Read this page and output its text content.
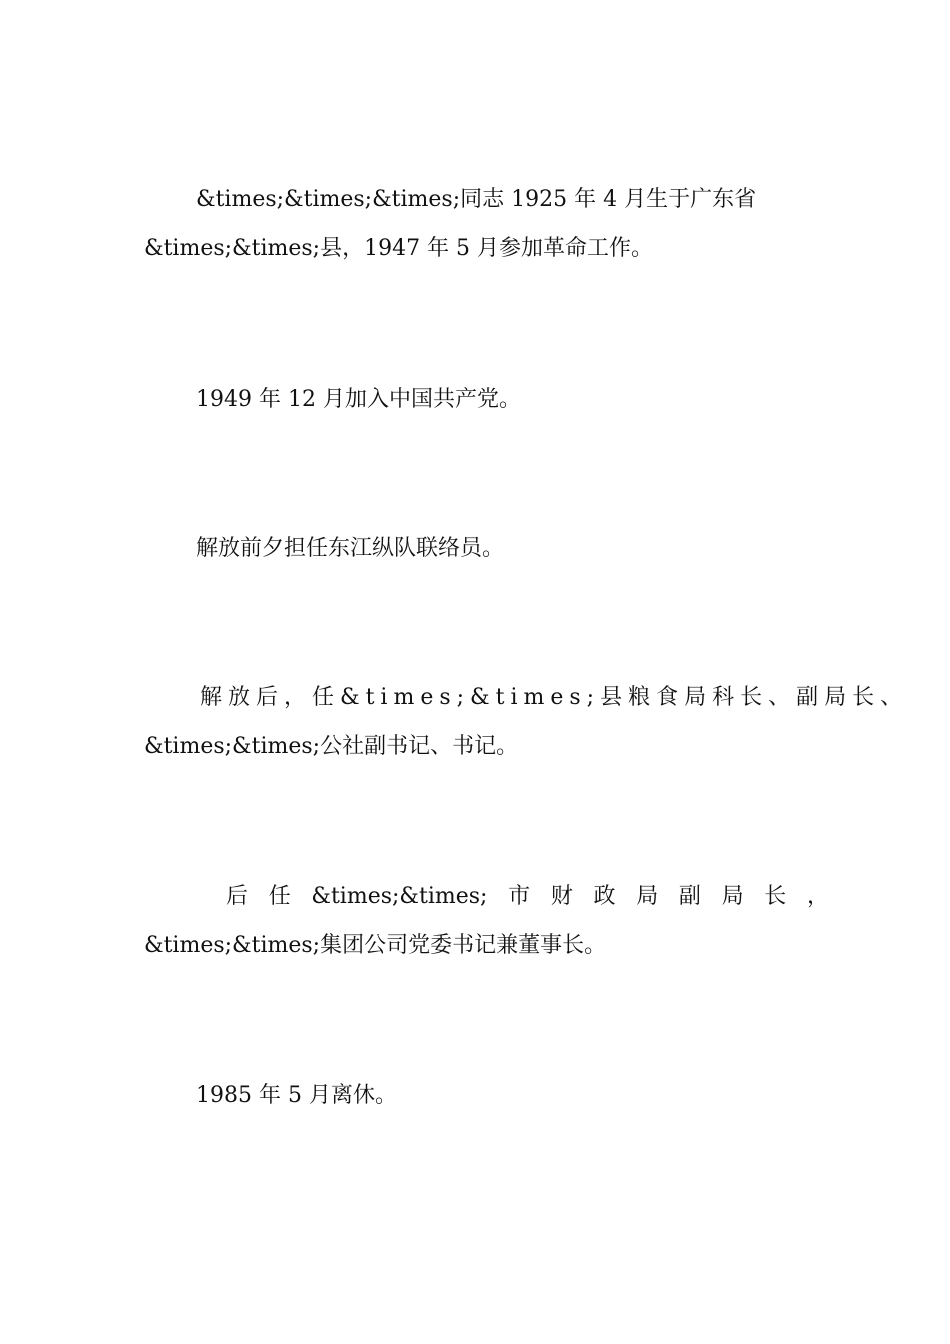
&times;&times;&times;同志 1925 年 4 月生于广东省
&times;&times;县，1947 年 5 月参加革命工作。
1949 年 12 月加入中国共产党。
解放前夕担任东江纵队联络员。
解放后，任&times;&times;县粮食局科长、副局长、
&times;&times;公社副书记、书记。
后 任 &times;&times; 市 财 政 局 副 局 长 ，
&times;&times;集团公司党委书记兼董事长。
1985 年 5 月离休。
